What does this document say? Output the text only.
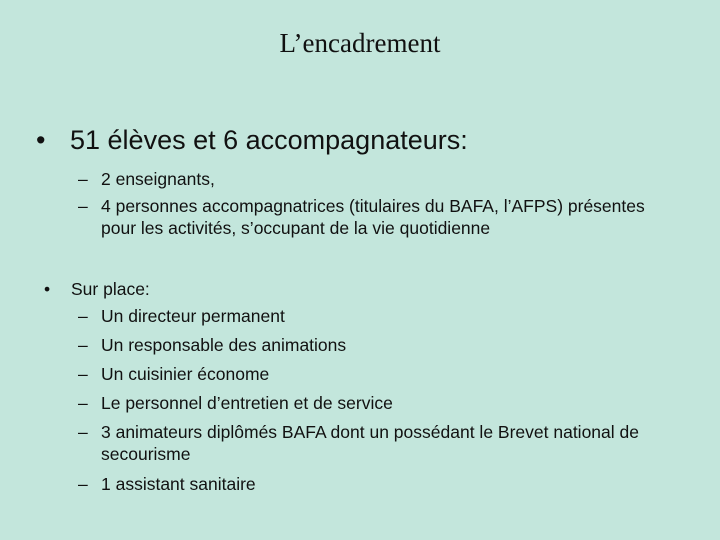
L’encadrement
• 51 élèves et 6 accompagnateurs:
– 2 enseignants,
– 4 personnes accompagnatrices (titulaires du BAFA, l’AFPS) présentes pour les activités, s’occupant de la vie quotidienne
• Sur place:
– Un directeur permanent
– Un responsable des animations
– Un cuisinier économe
– Le personnel d’entretien et de service
– 3 animateurs diplômés BAFA dont un possédant le Brevet national de secourisme
– 1 assistant sanitaire
